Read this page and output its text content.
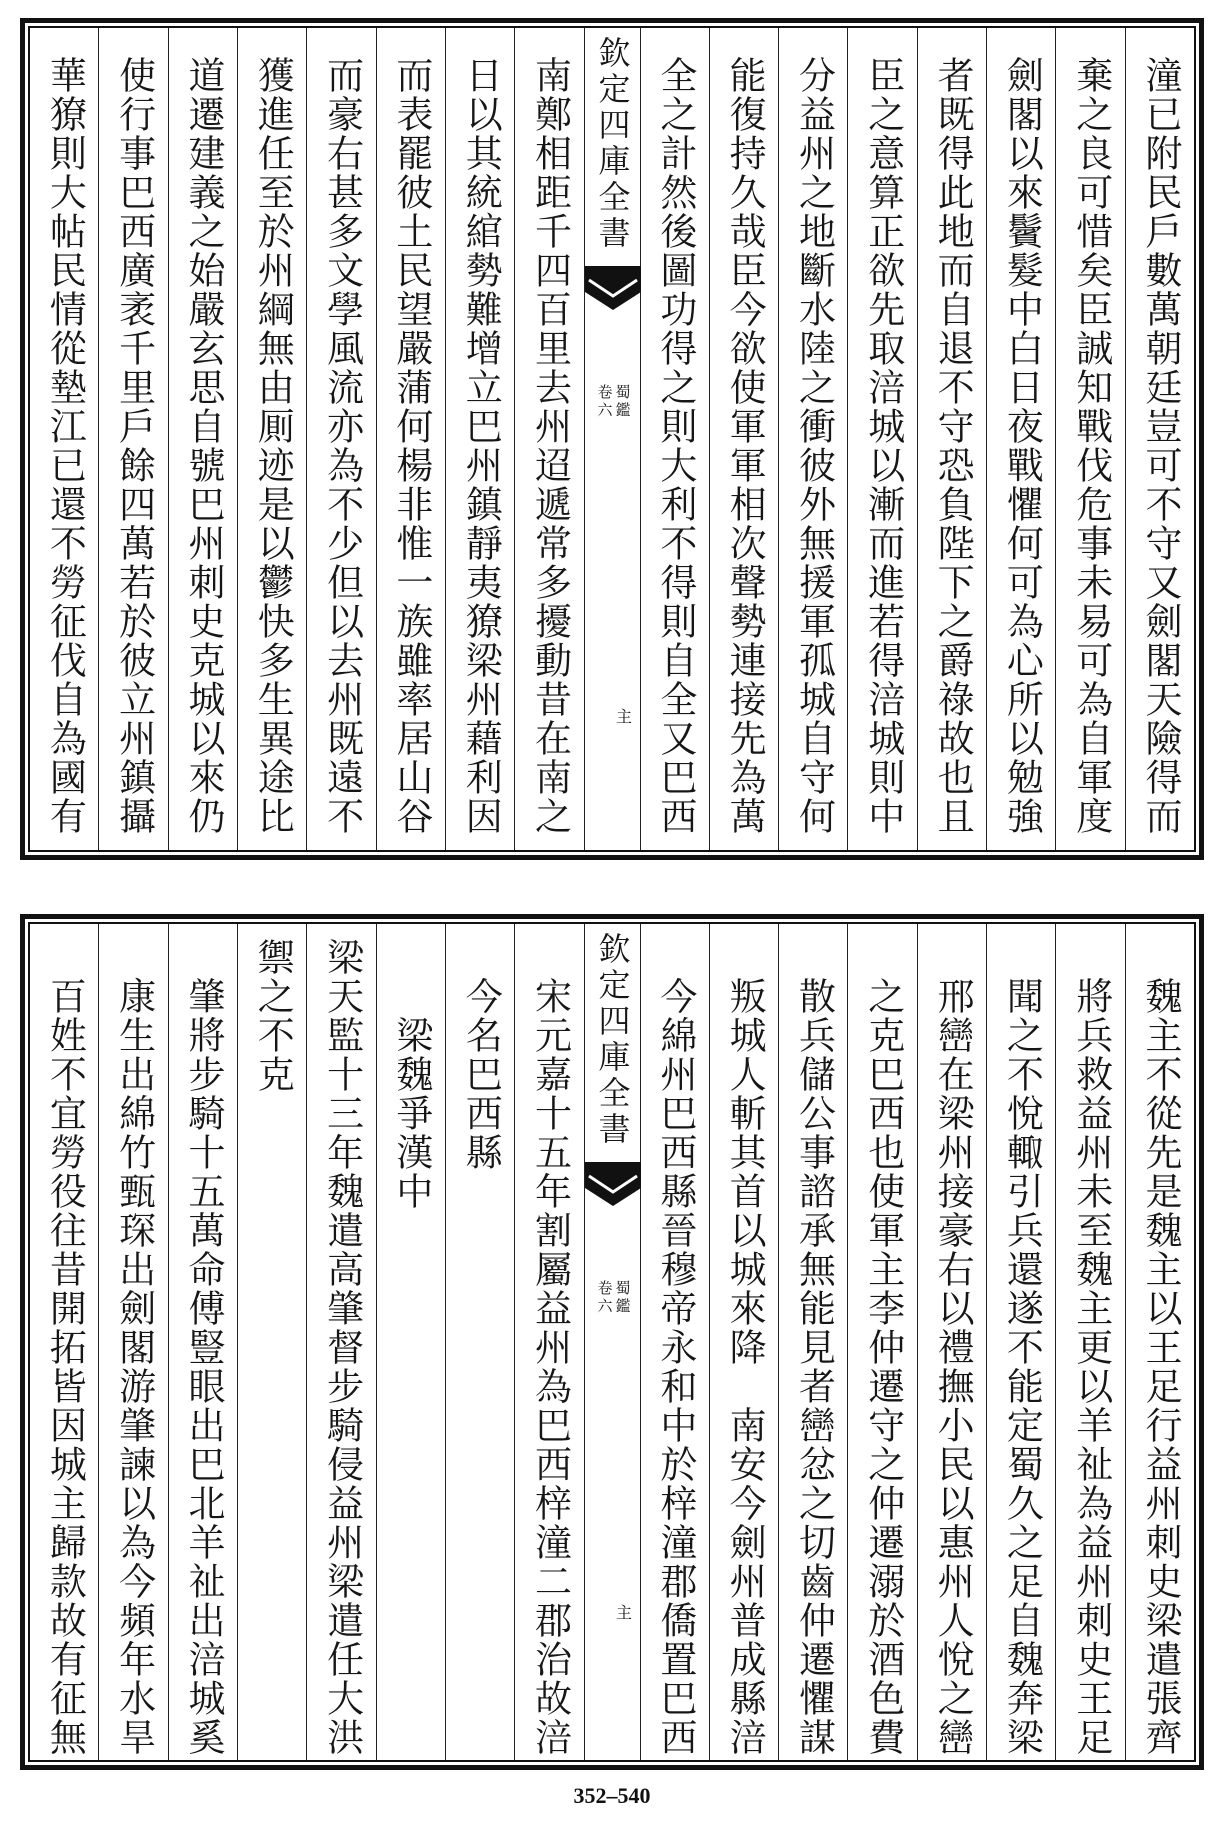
潼已附民戶數萬朝廷豈可不守又劍閣天險得而
棄之良可惜矣臣誠知戰伐危事未易可為自軍度
劍閣以來鬢髮中白日夜戰懼何可為心所以勉強
者既得此地而自退不守恐負陛下之爵祿故也且
臣之意算正欲先取涪城以漸而進若得涪城則中
分益州之地斷水陸之衝彼外無援軍孤城自守何
能復持久哉臣今欲使軍軍相次聲勢連接先為萬
全之計然後圖功得之則大利不得則自全又巴西
欽定四庫全書
蜀鑑
卷六
主
南鄭相距千四百里去州迢遞常多擾動昔在南之
日以其統綰勢難增立巴州鎮靜夷獠梁州藉利因
而表罷彼土民望嚴蒲何楊非惟一族雖率居山谷
而豪右甚多文學風流亦為不少但以去州既遠不
獲進任至於州綱無由厠迹是以鬱快多生異途比
道遷建義之始嚴玄思自號巴州刺史克城以來仍
使行事巴西廣袤千里戶餘四萬若於彼立州鎮攝
華獠則大帖民情從墊江已還不勞征伐自為國有
魏主不從先是魏主以王足行益州刺史梁遣張齊
將兵救益州未至魏主更以羊祉為益州刺史王足
聞之不悅輙引兵還遂不能定蜀久之足自魏奔梁
邢巒在梁州接豪右以禮撫小民以惠州人悅之巒
之克巴西也使軍主李仲遷守之仲遷溺於酒色費
散兵儲公事諮承無能見者巒忿之切齒仲遷懼謀
叛城人斬其首以城來降　南安今劍州普成縣涪
今綿州巴西縣晉穆帝永和中於梓潼郡僑置巴西
欽定四庫全書
蜀鑑
卷六
主
宋元嘉十五年割屬益州為巴西梓潼二郡治故涪
今名巴西縣
梁魏爭漢中
梁天監十三年魏遣高肇督步騎侵益州梁遣任大洪
禦之不克
肇將步騎十五萬命傅豎眼出巴北羊祉出涪城奚
康生出綿竹甄琛出劍閣游肇諫以為今頻年水旱
百姓不宜勞役往昔開拓皆因城主歸款故有征無
352–540
